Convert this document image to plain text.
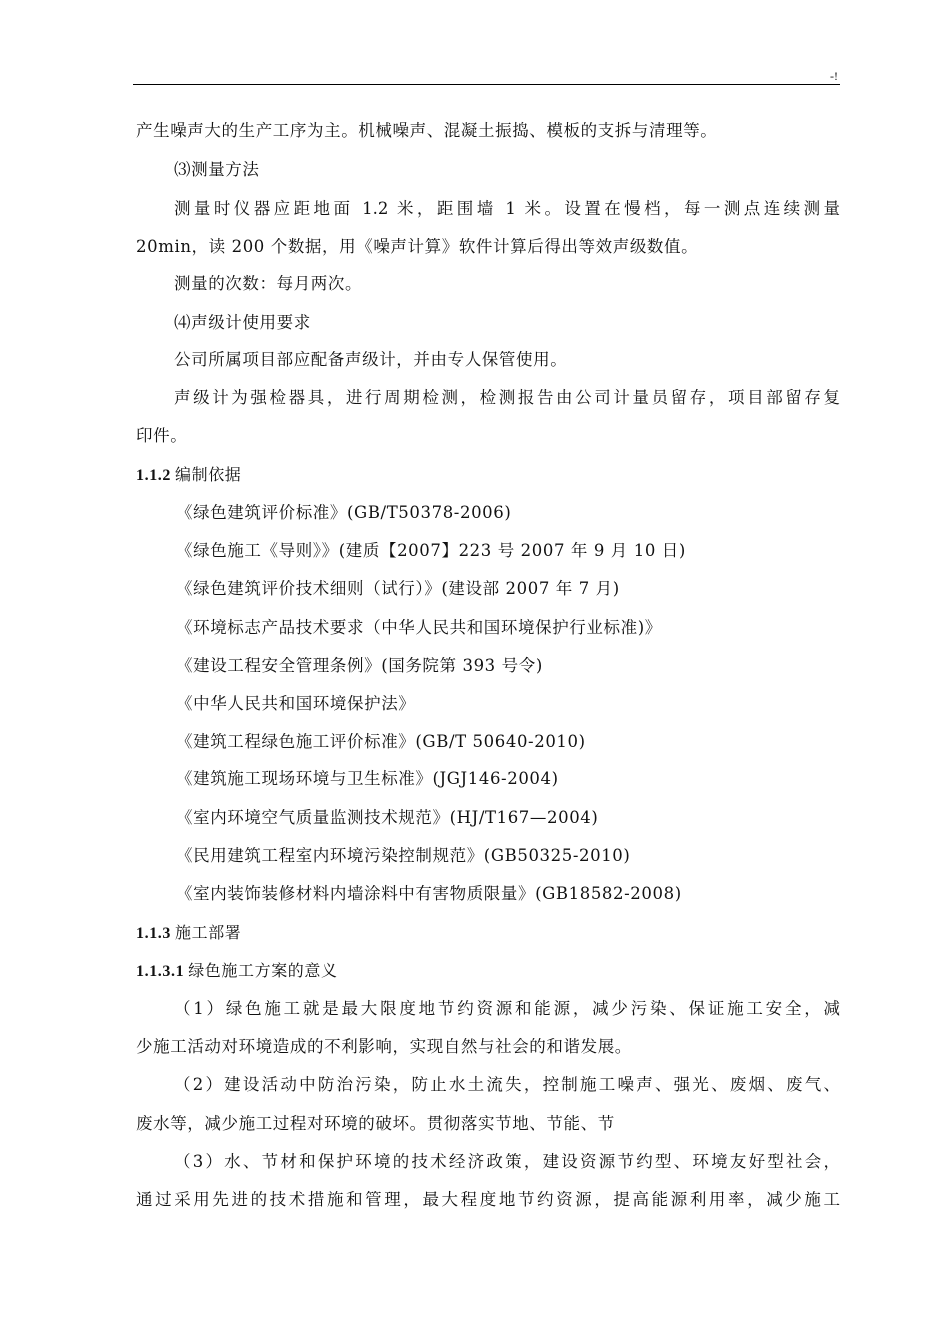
-!
产生噪声大的生产工序为主。机械噪声、混凝土振捣、模板的支拆与清理等。
⑶测量方法
测量时仪器应距地面 1.2 米，距围墙 1 米。设置在慢档，每一测点连续测量
20min，读 200 个数据，用《噪声计算》软件计算后得出等效声级数值。
测量的次数：每月两次。
⑷声级计使用要求
公司所属项目部应配备声级计，并由专人保管使用。
声级计为强检器具，进行周期检测，检测报告由公司计量员留存，项目部留存复
印件。
1.1.2 编制依据
《绿色建筑评价标准》(GB/T50378-2006)
《绿色施工《导则》》(建质【2007】223 号 2007 年 9 月 10 日)
《绿色建筑评价技术细则（试行）》(建设部 2007 年 7 月)
《环境标志产品技术要求（中华人民共和国环境保护行业标准)》
《建设工程安全管理条例》(国务院第 393 号令)
《中华人民共和国环境保护法》
《建筑工程绿色施工评价标准》(GB/T 50640-2010)
《建筑施工现场环境与卫生标准》(JGJ146-2004)
《室内环境空气质量监测技术规范》(HJ/T167—2004)
《民用建筑工程室内环境污染控制规范》(GB50325-2010)
《室内装饰装修材料内墙涂料中有害物质限量》(GB18582-2008)
1.1.3 施工部署
1.1.3.1 绿色施工方案的意义
（1）绿色施工就是最大限度地节约资源和能源，减少污染、保证施工安全，减
少施工活动对环境造成的不利影响，实现自然与社会的和谐发展。
（2）建设活动中防治污染，防止水土流失，控制施工噪声、强光、废烟、废气、
废水等，减少施工过程对环境的破坏。贯彻落实节地、节能、节
（3）水、节材和保护环境的技术经济政策，建设资源节约型、环境友好型社会，
通过采用先进的技术措施和管理，最大程度地节约资源，提高能源利用率，减少施工
